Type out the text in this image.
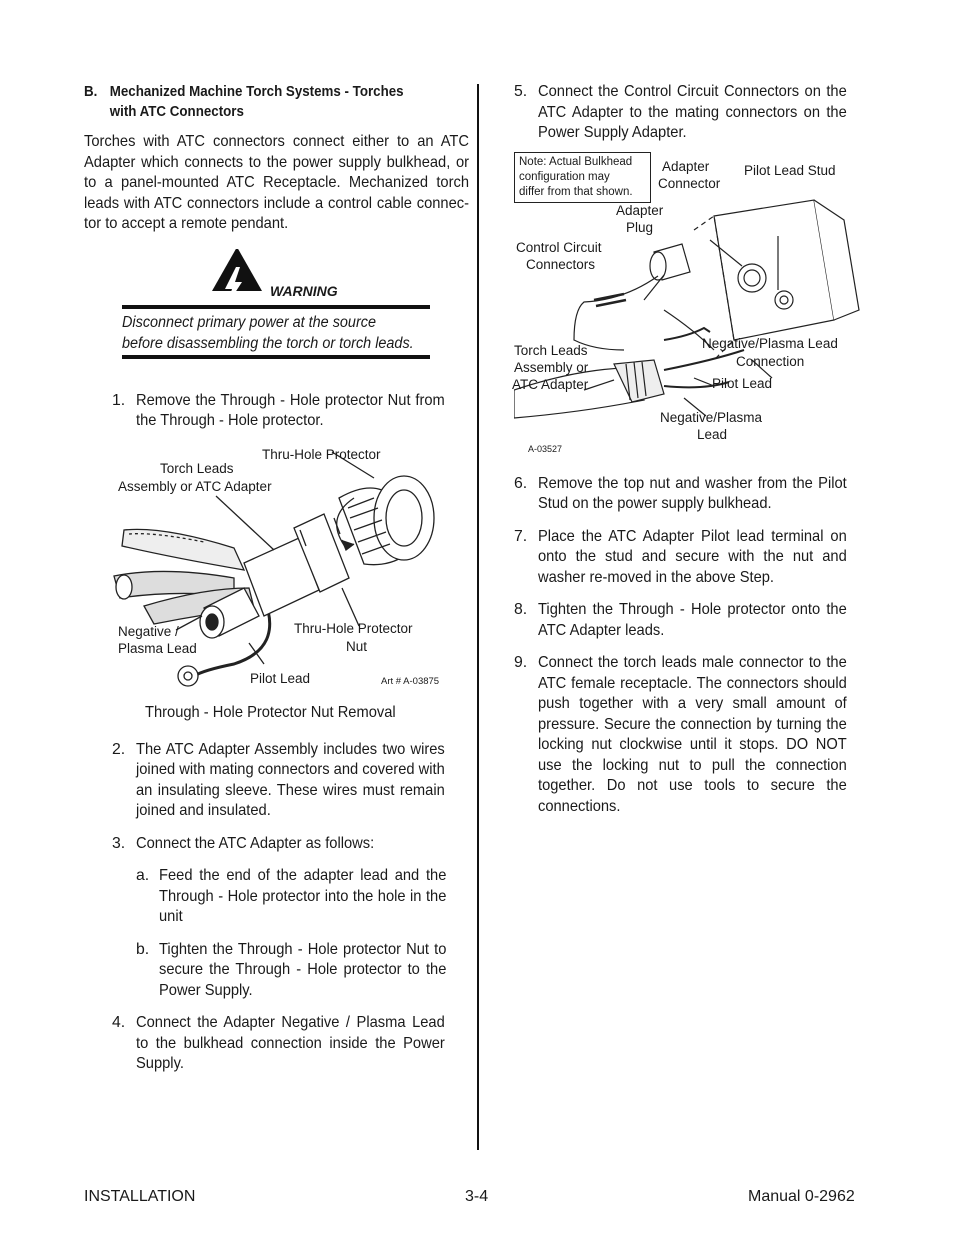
B. Mechanized Machine Torch Systems - Torches
with ATC Connectors

Torches with ATC connectors connect either to an ATC Adapter which connects to the power supply bulkhead, or to a panel-mounted ATC Receptacle. Mechanized torch leads with ATC connectors include a control cable connec-tor to accept a remote pendant.

WARNING
Disconnect primary power at the source before disassembling the torch or torch leads.
1. Remove the Through - Hole protector Nut from the Through - Hole protector.
Thru-Hole Protector
Torch Leads
Assembly or ATC Adapter
Negative /
Plasma Lead
Thru-Hole Protector
Nut
Pilot Lead	Art # A-03875
Through - Hole Protector Nut Removal
2. The ATC Adapter Assembly includes two wires joined with mating connectors and covered with an insulating sleeve. These wires must remain joined and insulated.
3. Connect the ATC Adapter as follows:
a. Feed the end of the adapter lead and the Through - Hole protector into the hole in the unit
b. Tighten the Through - Hole protector Nut to secure the Through - Hole protector to the Power Supply.
4. Connect the Adapter Negative / Plasma Lead to the bulkhead connection inside the Power Supply.
5. Connect the Control Circuit Connectors on the ATC Adapter to the mating connectors on the Power Supply Adapter.
Note: Actual Bulkhead
configuration may
differ from that shown.
Adapter
Connector
Pilot Lead Stud
Adapter
Plug
Control Circuit
Connectors
Torch Leads
Assembly or
ATC Adapter
Negative/Plasma Lead
Connection
Pilot Lead
Negative/Plasma
Lead
A-03527
6. Remove the top nut and washer from the Pilot Stud on the power supply bulkhead.
7. Place the ATC Adapter Pilot lead terminal on onto the stud and secure with the nut and washer re-moved in the above Step.
8. Tighten the Through - Hole protector onto the ATC Adapter leads.
9. Connect the torch leads male connector to the ATC female receptacle. The connectors should push together with a very small amount of pressure. Secure the connection by turning the locking nut clockwise until it stops. DO NOT use the locking nut to pull the connection together. Do not use tools to secure the connections.
INSTALLATION	3-4	Manual 0-2962
